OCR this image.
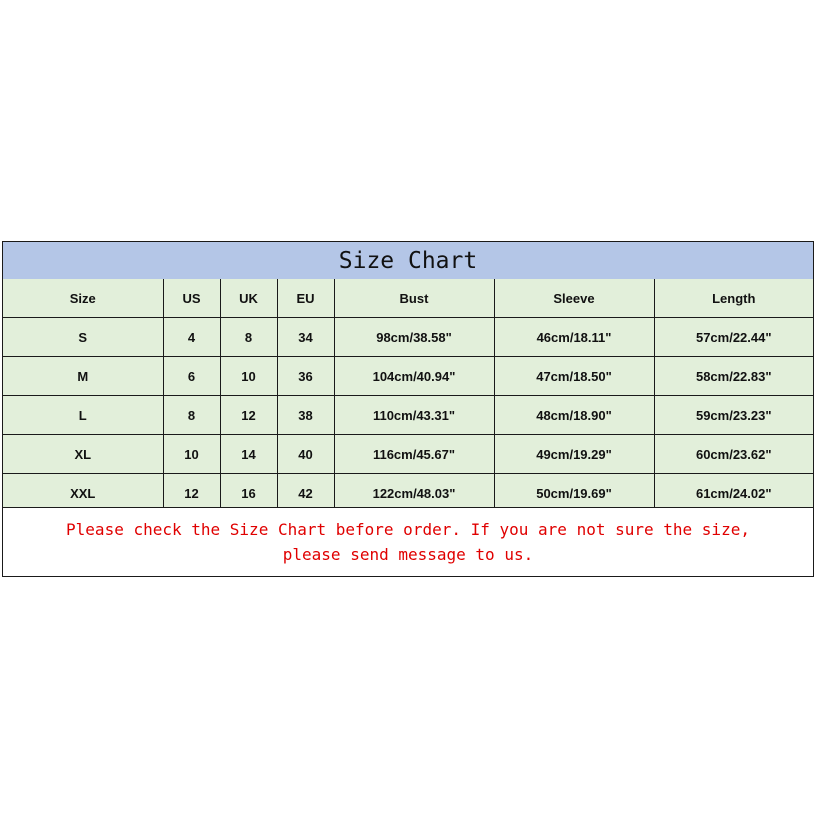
Size Chart
Size	US	UK	EU	Bust	Sleeve	Length
S	4	8	34	98cm/38.58"	46cm/18.11"	57cm/22.44"
M	6	10	36	104cm/40.94"	47cm/18.50"	58cm/22.83"
L	8	12	38	110cm/43.31"	48cm/18.90"	59cm/23.23"
XL	10	14	40	116cm/45.67"	49cm/19.29"	60cm/23.62"
XXL	12	16	42	122cm/48.03"	50cm/19.69"	61cm/24.02"
Please check the Size Chart before order. If you are not sure the size,
please send message to us.
